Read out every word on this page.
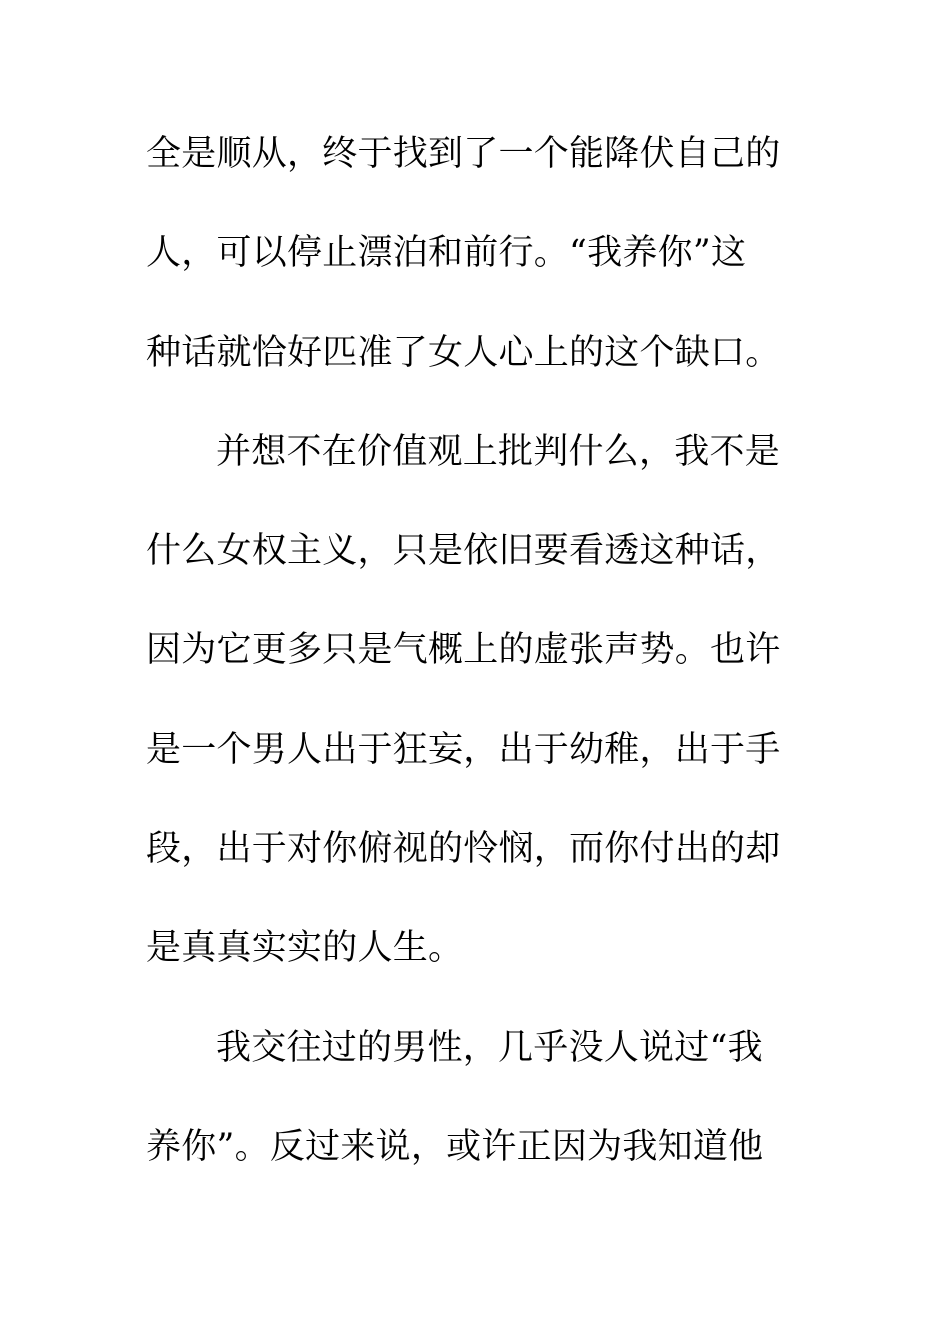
全是顺从，终于找到了一个能降伏自己的
人，可以停止漂泊和前行。“我养你”这
种话就恰好匹准了女人心上的这个缺口。
并想不在价值观上批判什么，我不是
什么女权主义，只是依旧要看透这种话，
因为它更多只是气概上的虚张声势。也许
是一个男人出于狂妄，出于幼稚，出于手
段，出于对你俯视的怜悯，而你付出的却
是真真实实的人生。
我交往过的男性，几乎没人说过“我
养你”。反过来说，或许正因为我知道他
